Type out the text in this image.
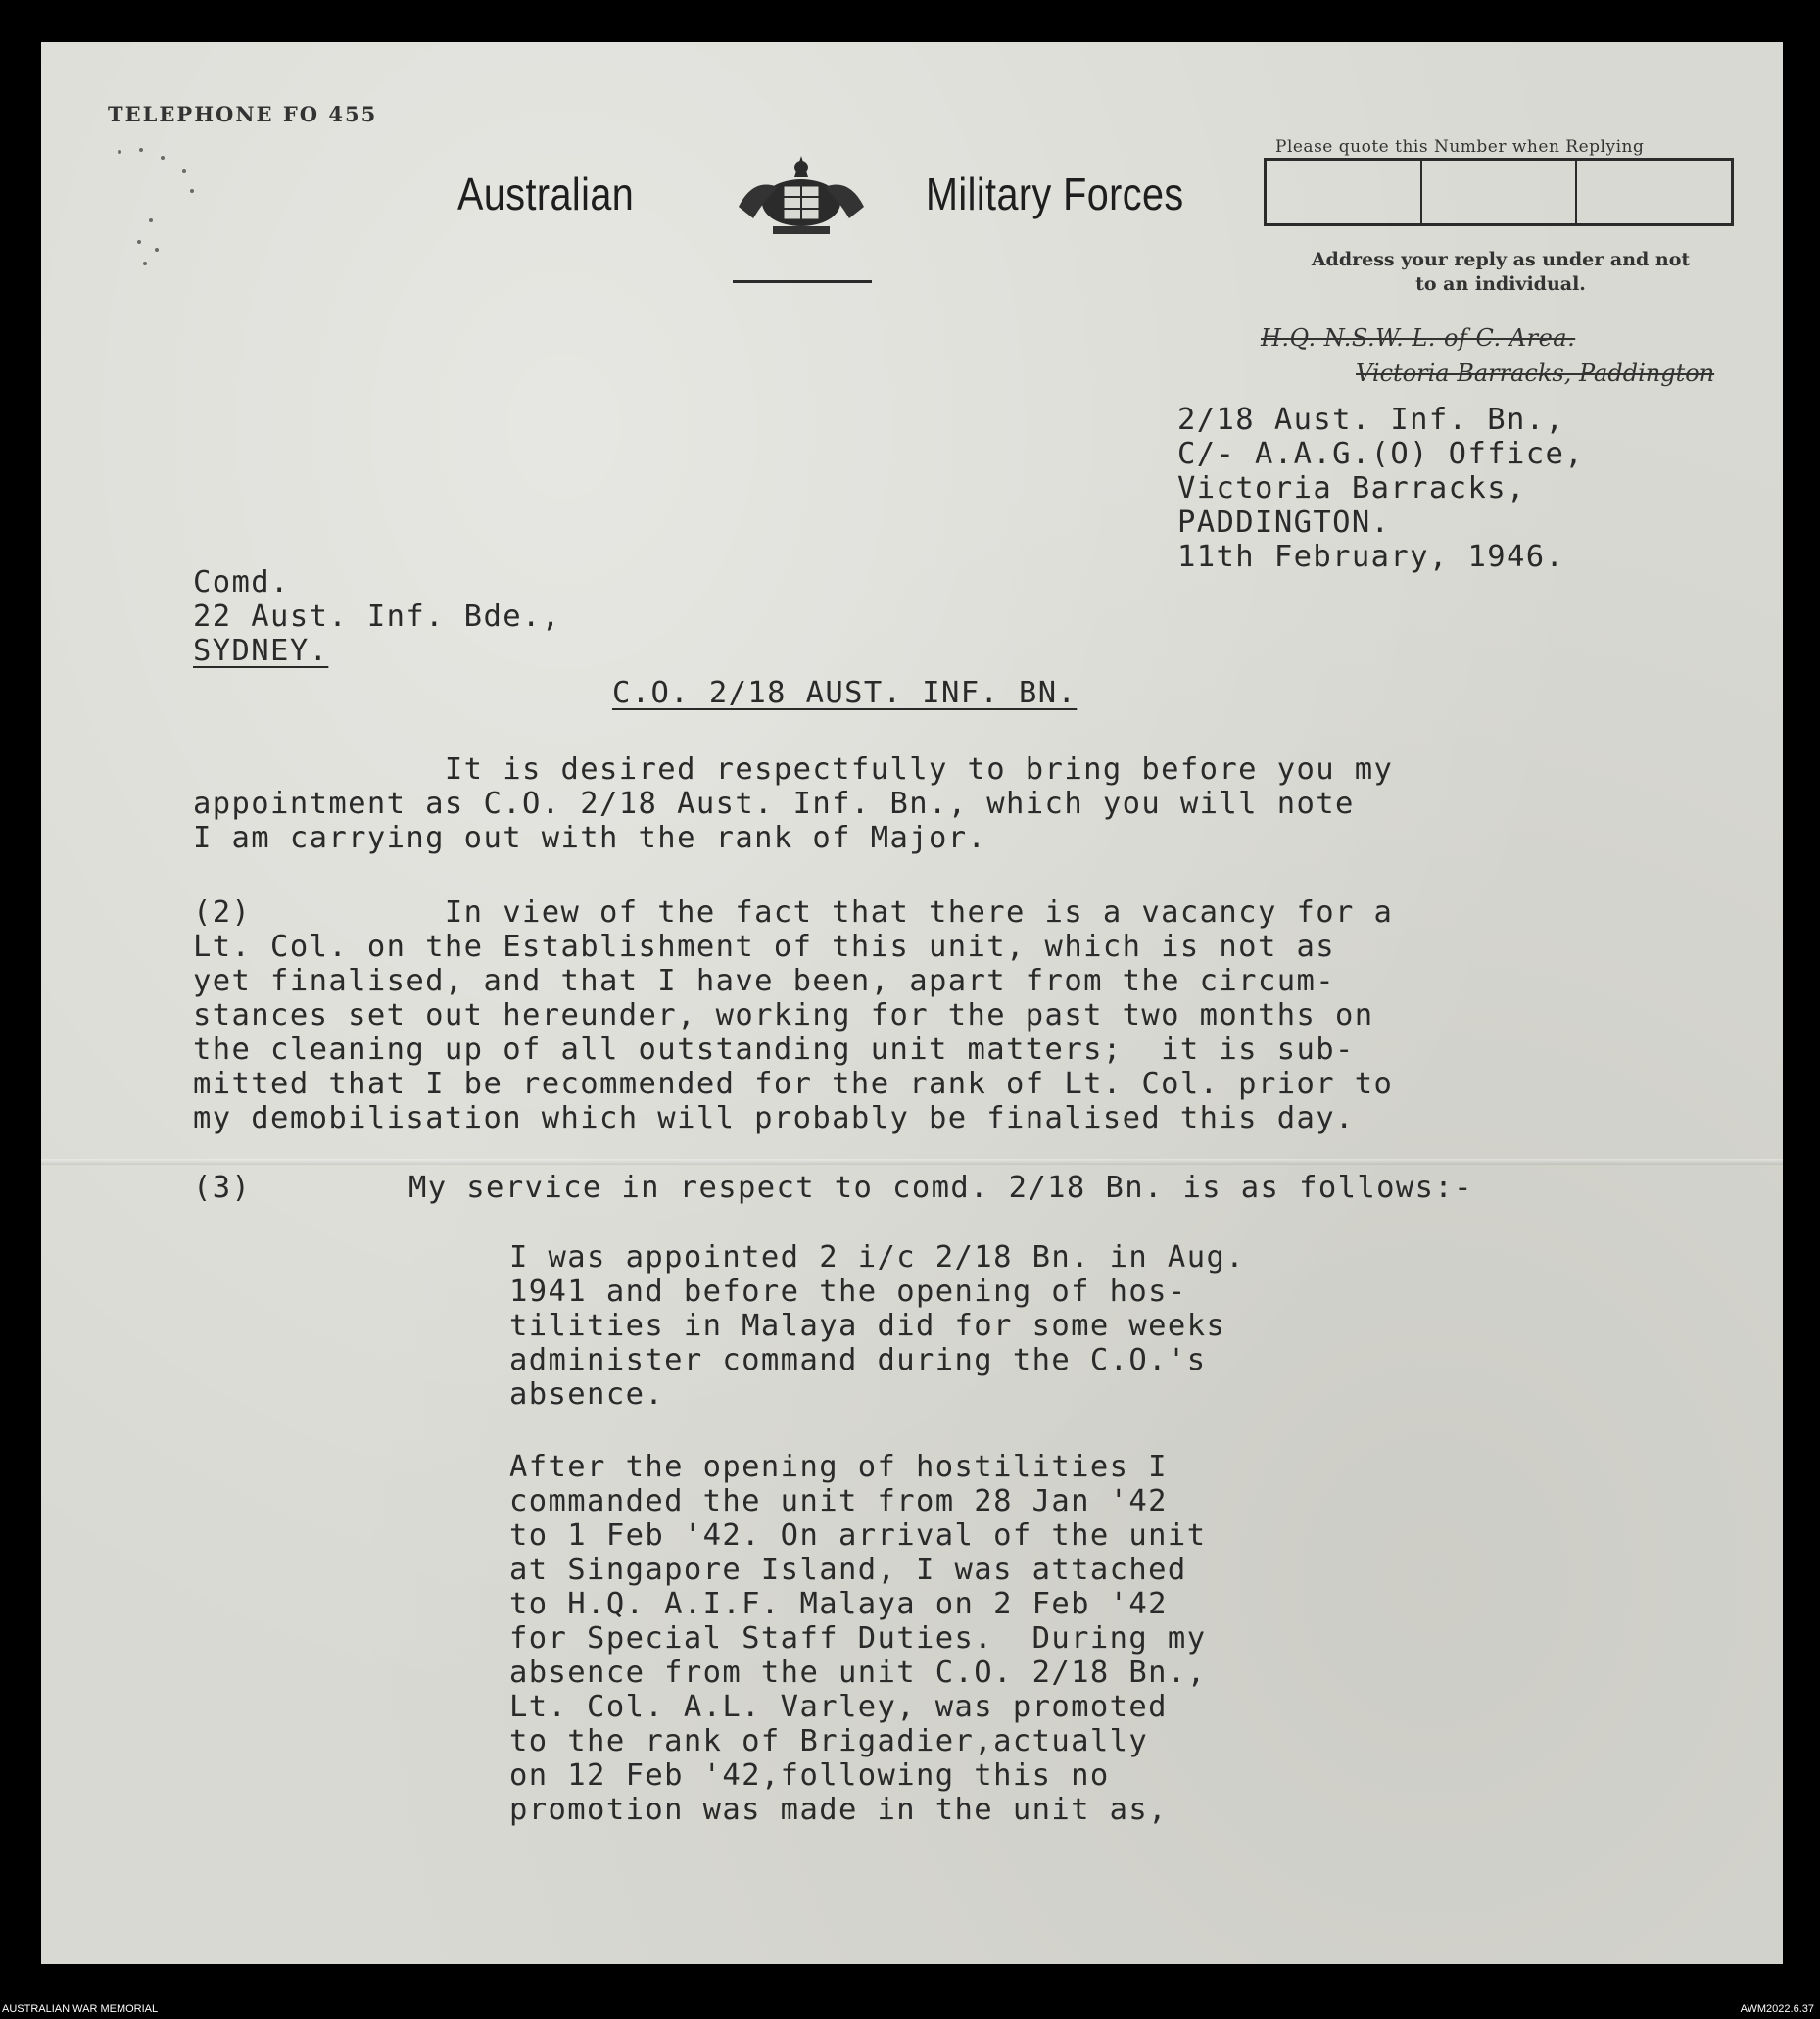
TELEPHONE FO 455
Australian	Military Forces
Please quote this Number when Replying
Address your reply as under and not
to an individual.
H.Q. N.S.W. L. of C. Area.
Victoria Barracks, Paddington
2/18 Aust. Inf. Bn.,
C/- A.A.G.(O) Office,
Victoria Barracks,
PADDINGTON.
11th February, 1946.
Comd.
22 Aust. Inf. Bde.,
SYDNEY.
C.O. 2/18 AUST. INF. BN.
It is desired respectfully to bring before you my
appointment as C.O. 2/18 Aust. Inf. Bn., which you will note
I am carrying out with the rank of Major.
(2)          In view of the fact that there is a vacancy for a
Lt. Col. on the Establishment of this unit, which is not as
yet finalised, and that I have been, apart from the circum-
stances set out hereunder, working for the past two months on
the cleaning up of all outstanding unit matters;  it is sub-
mitted that I be recommended for the rank of Lt. Col. prior to
my demobilisation which will probably be finalised this day.
(3)	My service in respect to comd. 2/18 Bn. is as follows:-
I was appointed 2 i/c 2/18 Bn. in Aug.
1941 and before the opening of hos-
tilities in Malaya did for some weeks
administer command during the C.O.'s
absence.
After the opening of hostilities I
commanded the unit from 28 Jan '42
to 1 Feb '42. On arrival of the unit
at Singapore Island, I was attached
to H.Q. A.I.F. Malaya on 2 Feb '42
for Special Staff Duties.  During my
absence from the unit C.O. 2/18 Bn.,
Lt. Col. A.L. Varley, was promoted
to the rank of Brigadier,actually
on 12 Feb '42,following this no
promotion was made in the unit as,
AUSTRALIAN WAR MEMORIAL	AWM2022.6.37
